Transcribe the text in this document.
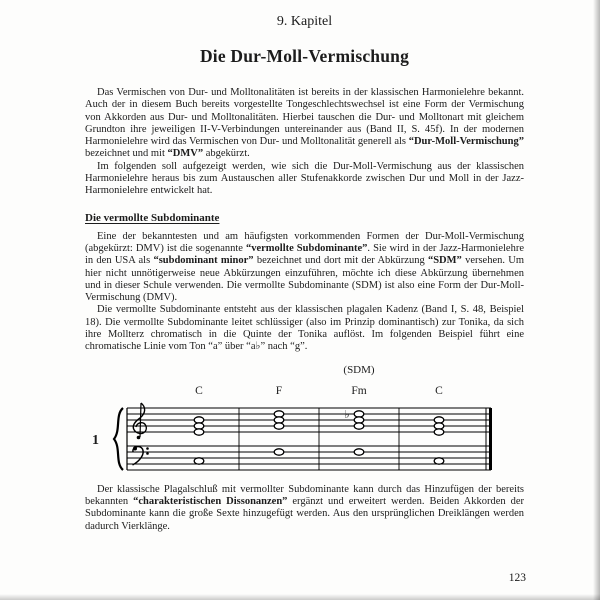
9. Kapitel
Die Dur-Moll-Vermischung

Das Vermischen von Dur- und Molltonalitäten ist bereits in der klassischen Harmonielehre bekannt. Auch der in diesem Buch bereits vorgestellte Tongeschlechtswechsel ist eine Form der Vermischung von Akkorden aus Dur- und Molltonalitäten. Hierbei tauschen die Dur- und Molltonart mit gleichem Grundton ihre jeweiligen II-V-Verbindungen untereinander aus (Band II, S. 45f). In der modernen Harmonielehre wird das Vermischen von Dur- und Molltonalität generell als “Dur-Moll-Vermischung” bezeichnet und mit “DMV” abgekürzt.

Im folgenden soll aufgezeigt werden, wie sich die Dur-Moll-Vermischung aus der klassischen Harmonielehre heraus bis zum Austauschen aller Stufenakkorde zwischen Dur und Moll in der Jazz-Harmonielehre entwickelt hat.

Die vermollte Subdominante

Eine der bekanntesten und am häufigsten vorkommenden Formen der Dur-Moll-Vermischung (abgekürzt: DMV) ist die sogenannte “vermollte Subdominante”. Sie wird in der Jazz-Harmonielehre in den USA als “subdominant minor” bezeichnet und dort mit der Abkürzung “SDM” versehen. Um hier nicht unnötigerweise neue Abkürzungen einzuführen, möchte ich diese Abkürzung übernehmen und in dieser Schule verwenden. Die vermollte Subdominante (SDM) ist also eine Form der Dur-Moll-Vermischung (DMV).

Die vermollte Subdominante entsteht aus der klassischen plagalen Kadenz (Band I, S. 48, Beispiel 18). Die vermollte Subdominante leitet schlüssiger (also im Prinzip dominantisch) zur Tonika, da sich ihre Mollterz chromatisch in die Quinte der Tonika auflöst. Im folgenden Beispiel führt eine chromatische Linie vom Ton “a” über “a♭” nach “g”.

(SDM)
C	F	Fm	C
1
♭

Der klassische Plagalschluß mit vermollter Subdominante kann durch das Hinzufügen der bereits bekannten “charakteristischen Dissonanzen” ergänzt und erweitert werden. Beiden Akkorden der Subdominante kann die große Sexte hinzugefügt werden. Aus den ursprünglichen Dreiklängen werden dadurch Vierklänge.

123
